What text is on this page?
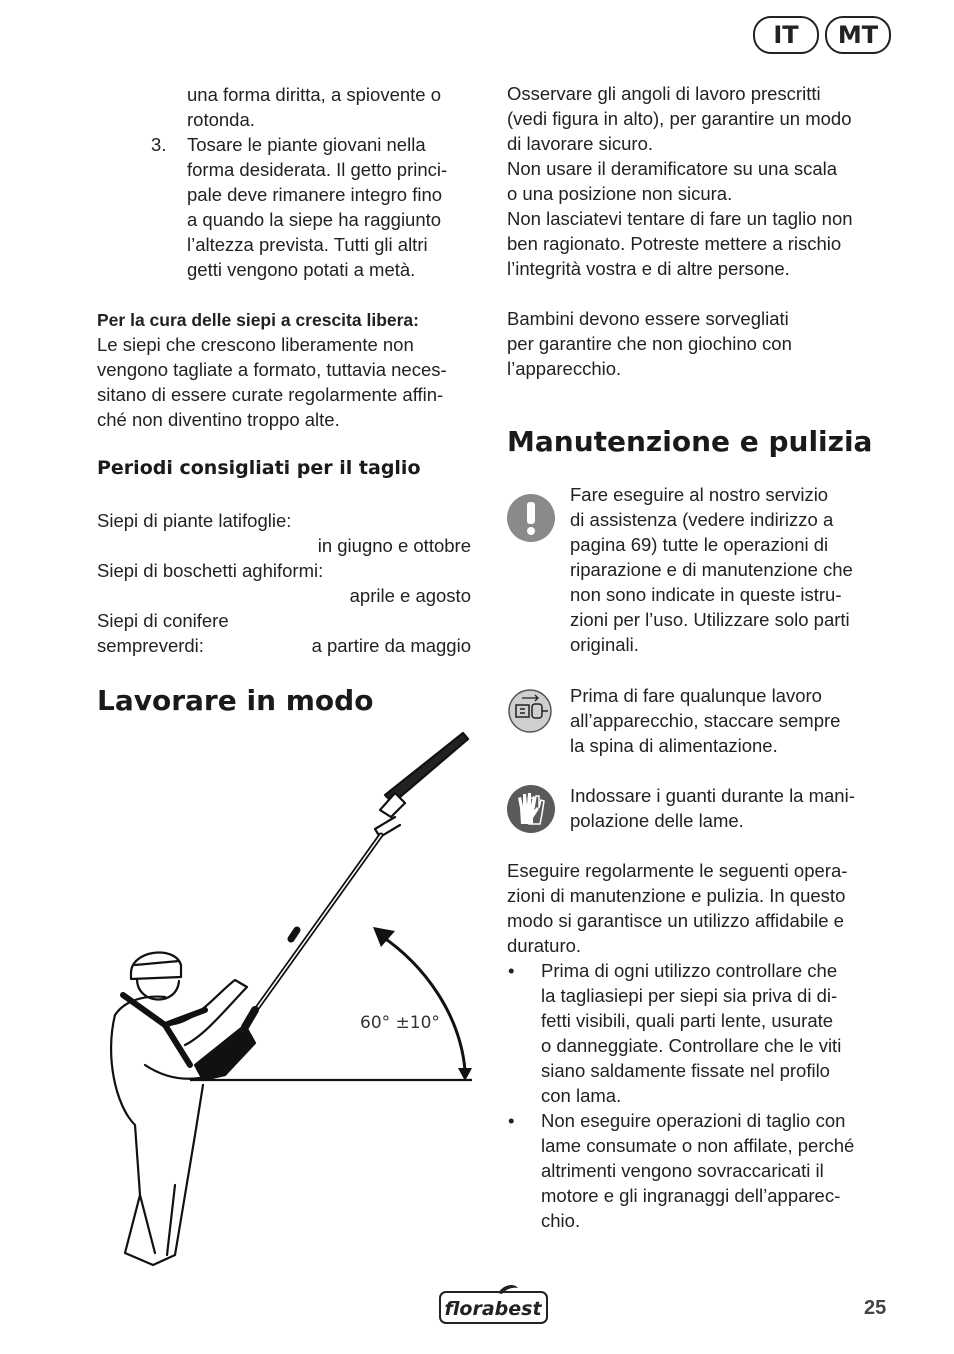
IT	MT
una forma diritta, a spiovente o
rotonda.
3. Tosare le piante giovani nella
forma desiderata. Il getto princi-
pale deve rimanere integro fino
a quando la siepe ha raggiunto
l’altezza prevista. Tutti gli altri
getti vengono potati a metà.
Per la cura delle siepi a crescita libera:
Le siepi che crescono liberamente non
vengono tagliate a formato, tuttavia neces-
sitano di essere curate regolarmente affin-
ché non diventino troppo alte.
Periodi consigliati per il taglio
Siepi di piante latifoglie:
in giugno e ottobre
Siepi di boschetti aghiformi:
aprile e agosto
Siepi di conifere
sempreverdi:	a partire da maggio
Lavorare in modo
60° ±10°
Osservare gli angoli di lavoro prescritti
(vedi figura in alto), per garantire un modo
di lavorare sicuro.
Non usare il deramificatore su una scala
o una posizione non sicura.
Non lasciatevi tentare di fare un taglio non
ben ragionato. Potreste mettere a rischio
l’integrità vostra e di altre persone.
Bambini devono essere sorvegliati
per garantire che non giochino con
l’apparecchio.
Manutenzione e pulizia
Fare eseguire al nostro servizio
di assistenza (vedere indirizzo a
pagina 69) tutte le operazioni di
riparazione e di manutenzione che
non sono indicate in queste istru-
zioni per l’uso. Utilizzare solo parti
originali.
Prima di fare qualunque lavoro
all’apparecchio, staccare sempre
la spina di alimentazione.
Indossare i guanti durante la mani-
polazione delle lame.
Eseguire regolarmente le seguenti opera-
zioni di manutenzione e pulizia. In questo
modo si garantisce un utilizzo affidabile e
duraturo.
• Prima di ogni utilizzo controllare che
la tagliasiepi per siepi sia priva di di-
fetti visibili, quali parti lente, usurate
o danneggiate. Controllare che le viti
siano saldamente fissate nel profilo
con lama.
• Non eseguire operazioni di taglio con
lame consumate o non affilate, perché
altrimenti vengono sovraccaricati il
motore e gli ingranaggi dell’apparec-
chio.
florabest	25
